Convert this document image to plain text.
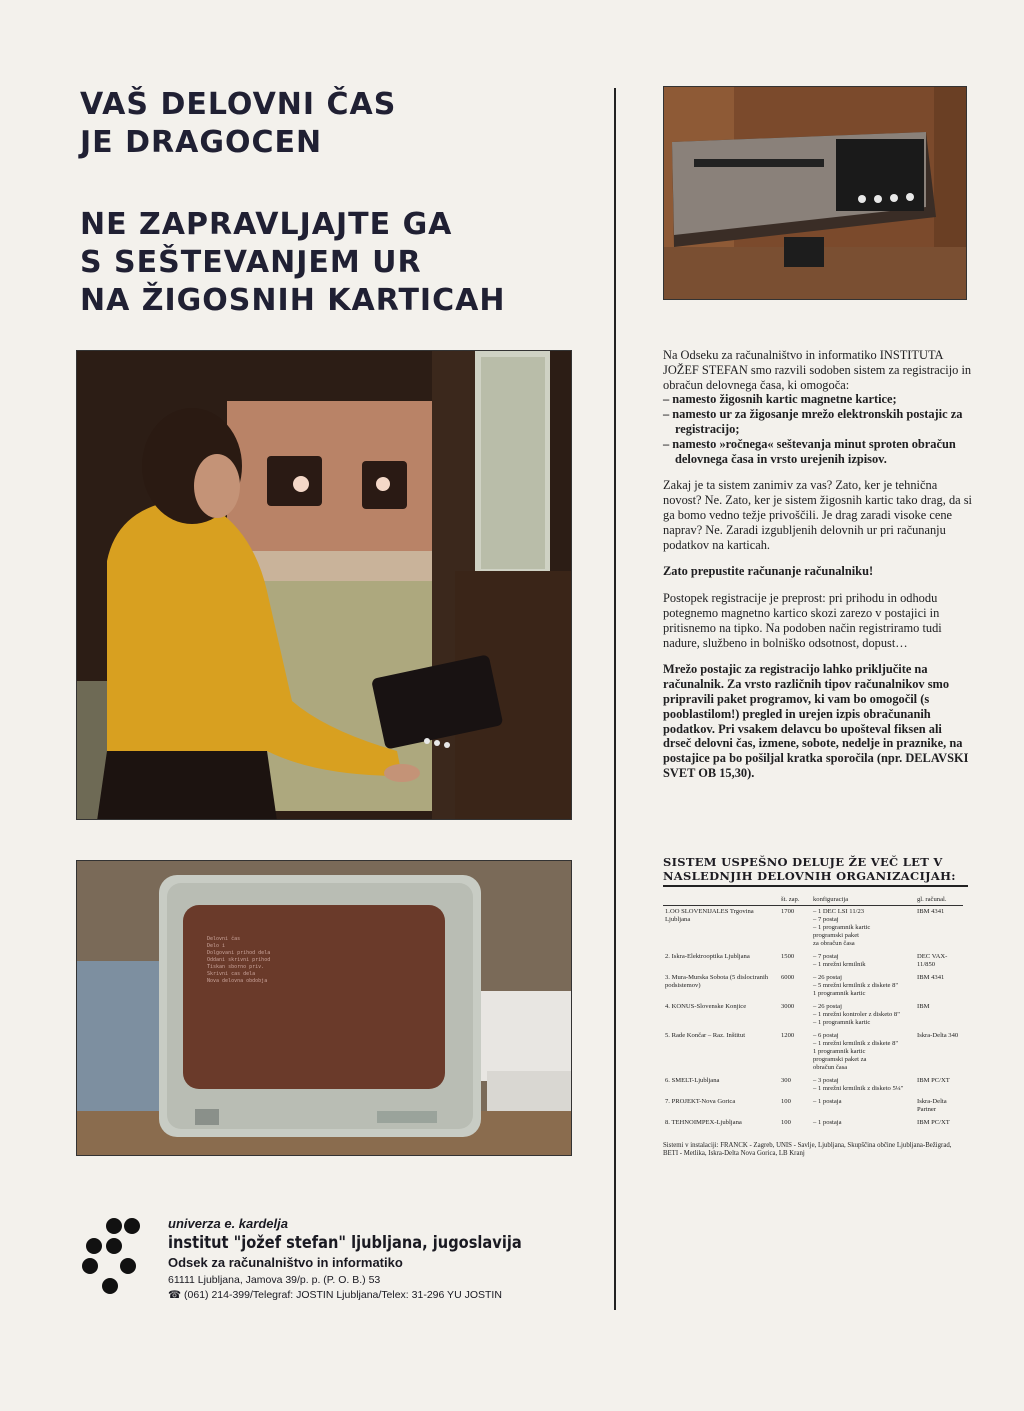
VAŠ DELOVNI ČAS

JE DRAGOCEN

NE ZAPRAVLJAJTE GA

S SEŠTEVANJEM UR

NA ŽIGOSNIH KARTICAH

Delovni čas
Delo i
Dolgovani prihod dela
Oddani skrivni prihod
Tiskan sborno priv.
Skrivni cas dela
Nova delovna obdobja

Na Odseku za računalništvo in informatiko INSTITUTA JOŽEF STEFAN smo razvili sodoben sistem za registracijo in obračun delovnega časa, ki omogoča:

– namesto žigosnih kartic magnetne kartice;
– namesto ur za žigosanje mrežo elektronskih postajic za registracijo;
– namesto »ročnega« seštevanja minut sproten obračun delovnega časa in vrsto urejenih izpisov.

Zakaj je ta sistem zanimiv za vas? Zato, ker je tehnična novost? Ne. Zato, ker je sistem žigosnih kartic tako drag, da si ga bomo vedno težje privoščili. Je drag zaradi visoke cene naprav? Ne. Zaradi izgubljenih delovnih ur pri računanju podatkov na karticah.

Zato prepustite računanje računalniku!

Postopek registracije je preprost: pri prihodu in odhodu potegnemo magnetno kartico skozi zarezo v postajici in pritisnemo na tipko. Na podoben način registriramo tudi nadure, službeno in bolniško odsotnost, dopust…

Mrežo postajic za registracijo lahko priključite na računalnik. Za vrsto različnih tipov računalnikov smo pripravili paket programov, ki vam bo omogočil (s pooblastilom!) pregled in urejen izpis obračunanih podatkov. Pri vsakem delavcu bo upošteval fiksen ali drseč delovni čas, izmene, sobote, nedelje in praznike, na postajice pa bo pošiljal kratka sporočila (npr. DELAVSKI SVET OB 15,30).

SISTEM USPEŠNO DELUJE ŽE VEČ LET V

NASLEDNJIH DELOVNIH ORGANIZACIJAH:

	št. zap.	konfiguracija	gl. računal.
1.OO SLOVENIJALES Trgovina Ljubljana	1700	– 1 DEC LSI 11/23
– 7 postaj
– 1 programnik kartic
programski paket
za obračun časa	IBM 4341
2. Iskra-Elektrooptika Ljubljana	1500	– 7 postaj
– 1 mrežni krmilnik	DEC VAX-11/850
3. Mura-Murska Sobota (5 dislociranih podsistemov)	6000	– 26 postaj
– 5 mrežni krmilnik z diskete 8"
1 programnik kartic	IBM 4341
4. KONUS-Slovenske Konjice	3000	– 26 postaj
– 1 mrežni kontroler z disketo 8"
– 1 programnik kartic	IBM
5. Rade Končar – Raz. Inštitut	1200	– 6 postaj
– 1 mrežni krmilnik z diskete 8"
1 programnik kartic
programski paket za
obračun časa	Iskra-Delta 340
6. SMELT-Ljubljana	300	– 3 postaj
– 1 mrežni krmilnik z disketo 5¼"	IBM PC/XT
7. PROJEKT-Nova Gorica	100	– 1 postaja	Iskra-Delta Partner
8. TEHNOIMPEX-Ljubljana	100	– 1 postaja	IBM PC/XT

Sistemi v instalaciji: FRANCK - Zagreb, UNIS - Savlje, Ljubljana, Skupščina občine Ljubljana-Bežigrad, BETI - Metlika, Iskra-Delta Nova Gorica, LB Kranj

univerza e. kardelja
institut "jožef stefan" ljubljana, jugoslavija
Odsek za računalništvo in informatiko
61111 Ljubljana, Jamova 39/p. p. (P. O. B.) 53
☎ (061) 214-399/Telegraf: JOSTIN Ljubljana/Telex: 31-296 YU JOSTIN
